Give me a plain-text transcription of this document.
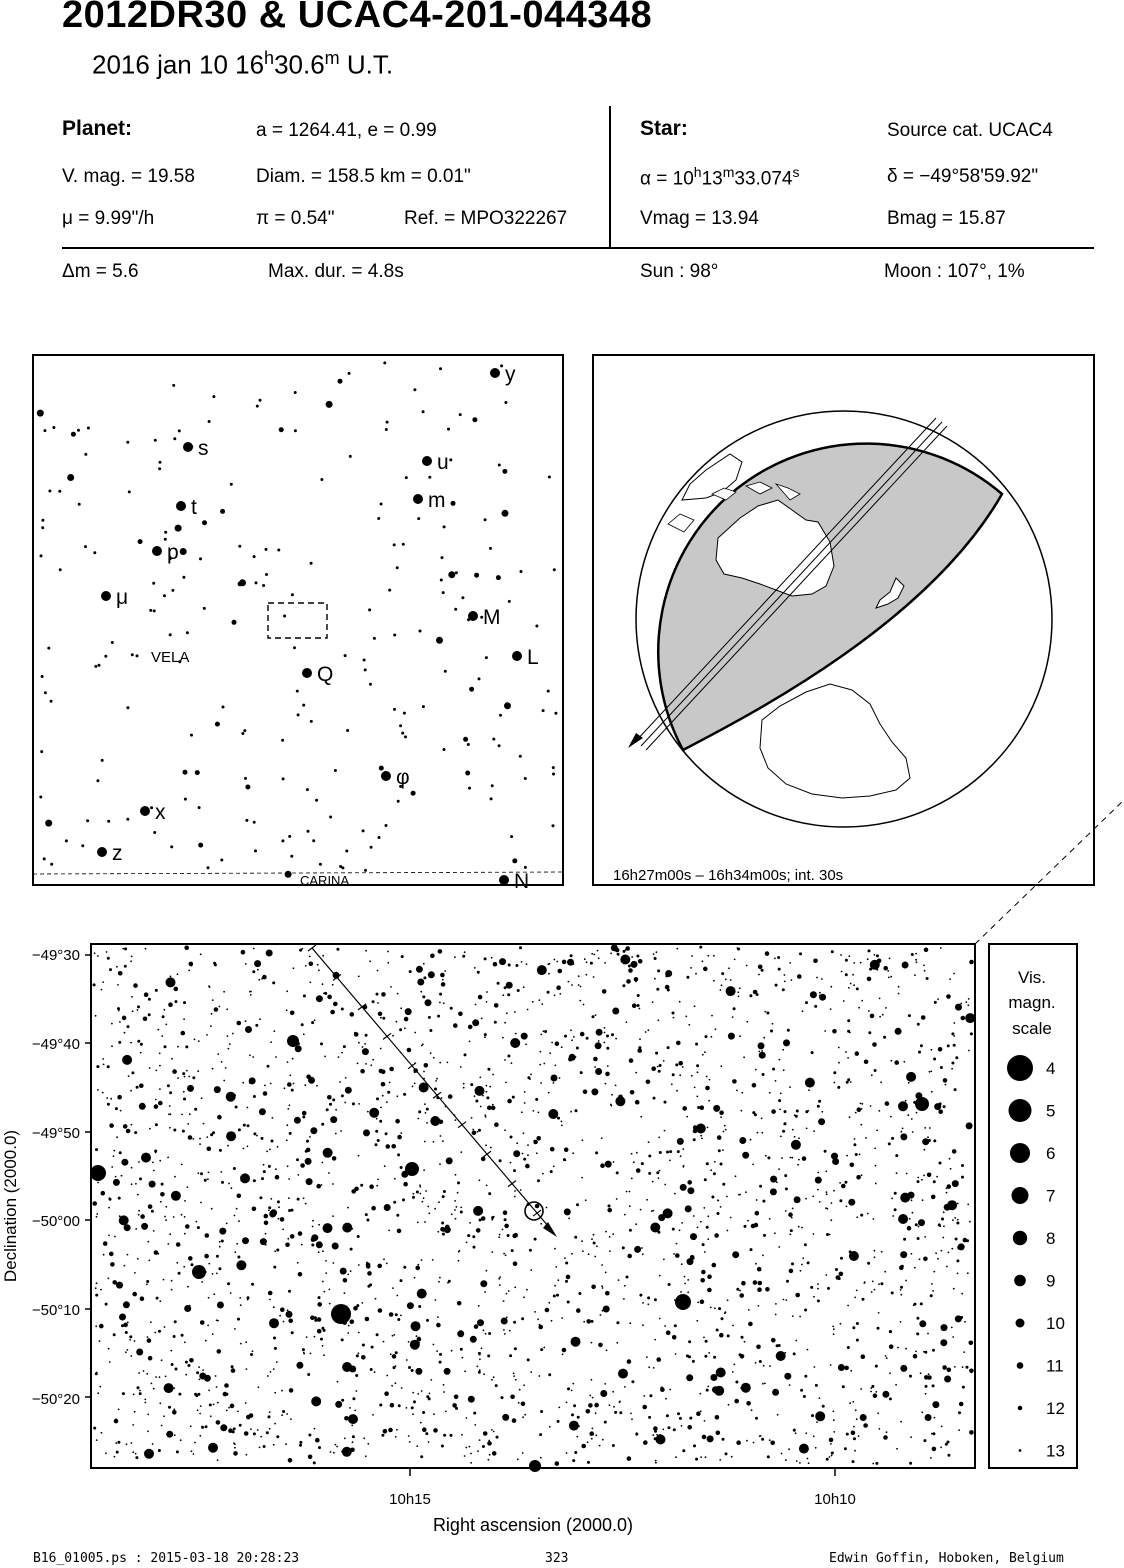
2012DR30 & UCAC4-201-044348
2016 jan 10 16$^h$30.6$^m$ U.T.
Planet:	a = 1264.41, e = 0.99
V. mag. = 19.58	Diam. = 158.5 km = 0.01"
μ = 9.99"/h	π = 0.54"	Ref. = MPO322267
Star:	Source cat. UCAC4
$\alpha = 10^h13^m33.074^s$	δ = −49°58'59.92"
Vmag = 13.94	Bmag = 15.87
Δm = 5.6	Max. dur. = 4.8s	Sun : 98°	Moon : 107°, 1%
y
s
u
m
t
p
μ
M
Q
L
φ
x
z
N
VELA
CARINA	16h27m00s – 16h34m00s; int. 30s
10h15	10h10
−49°30
−49°40
−49°50
−50°00
−50°10
−50°20
Right ascension (2000.0)
Declination (2000.0)
Vis.
magn.
scale
4
5
6
7
8
9
10
11
12
13
B16_01005.ps : 2015-03-18 20:28:23	323	Edwin Goffin, Hoboken, Belgium
